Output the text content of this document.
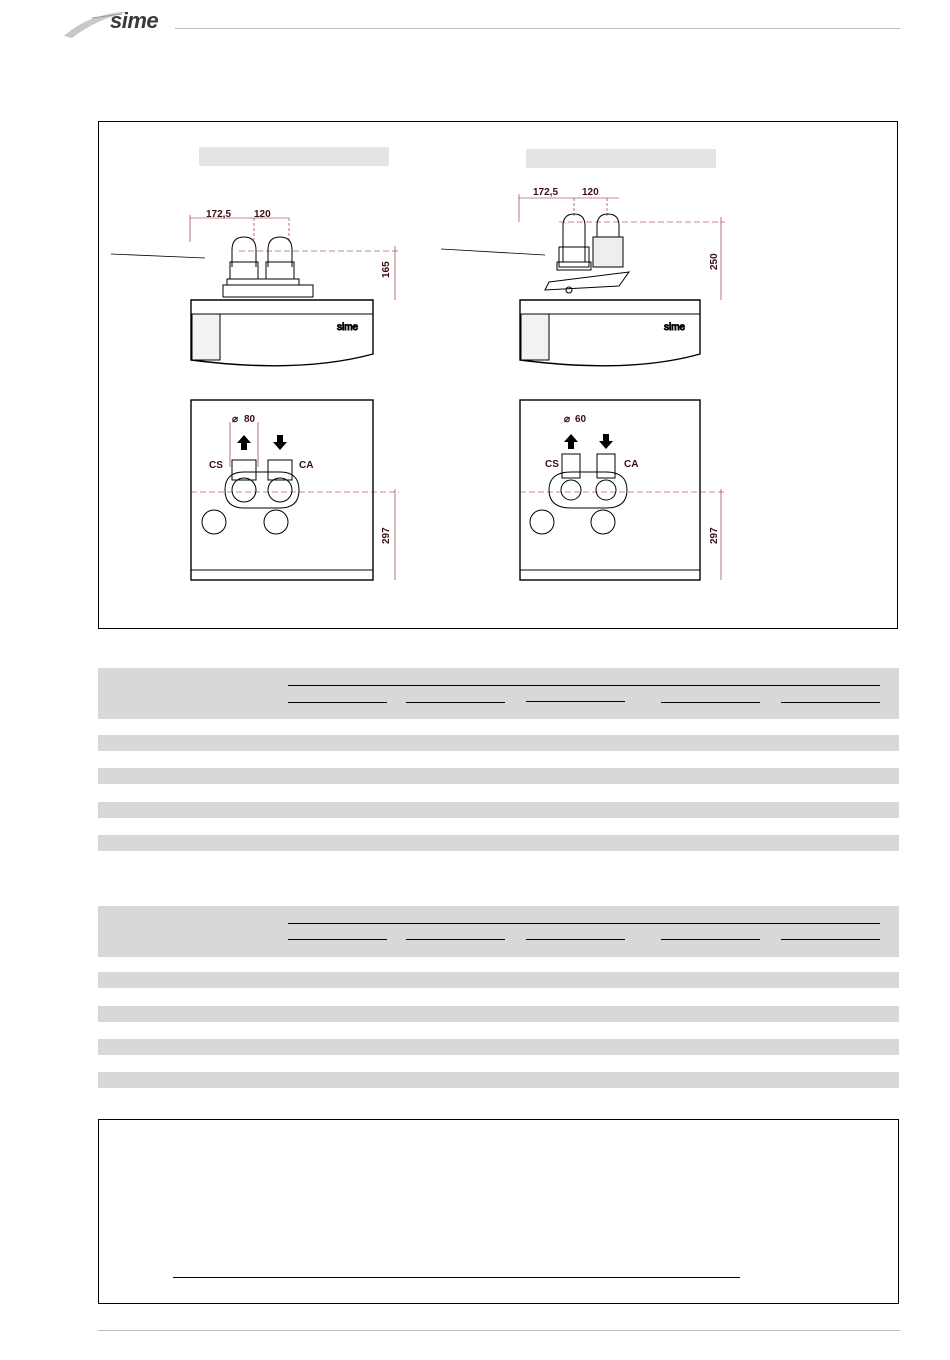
sime
sime
172,5 120
165
sime
172,5 120
250
⌀ 80
CS	CA
297
⌀ 60
CS	CA
297
